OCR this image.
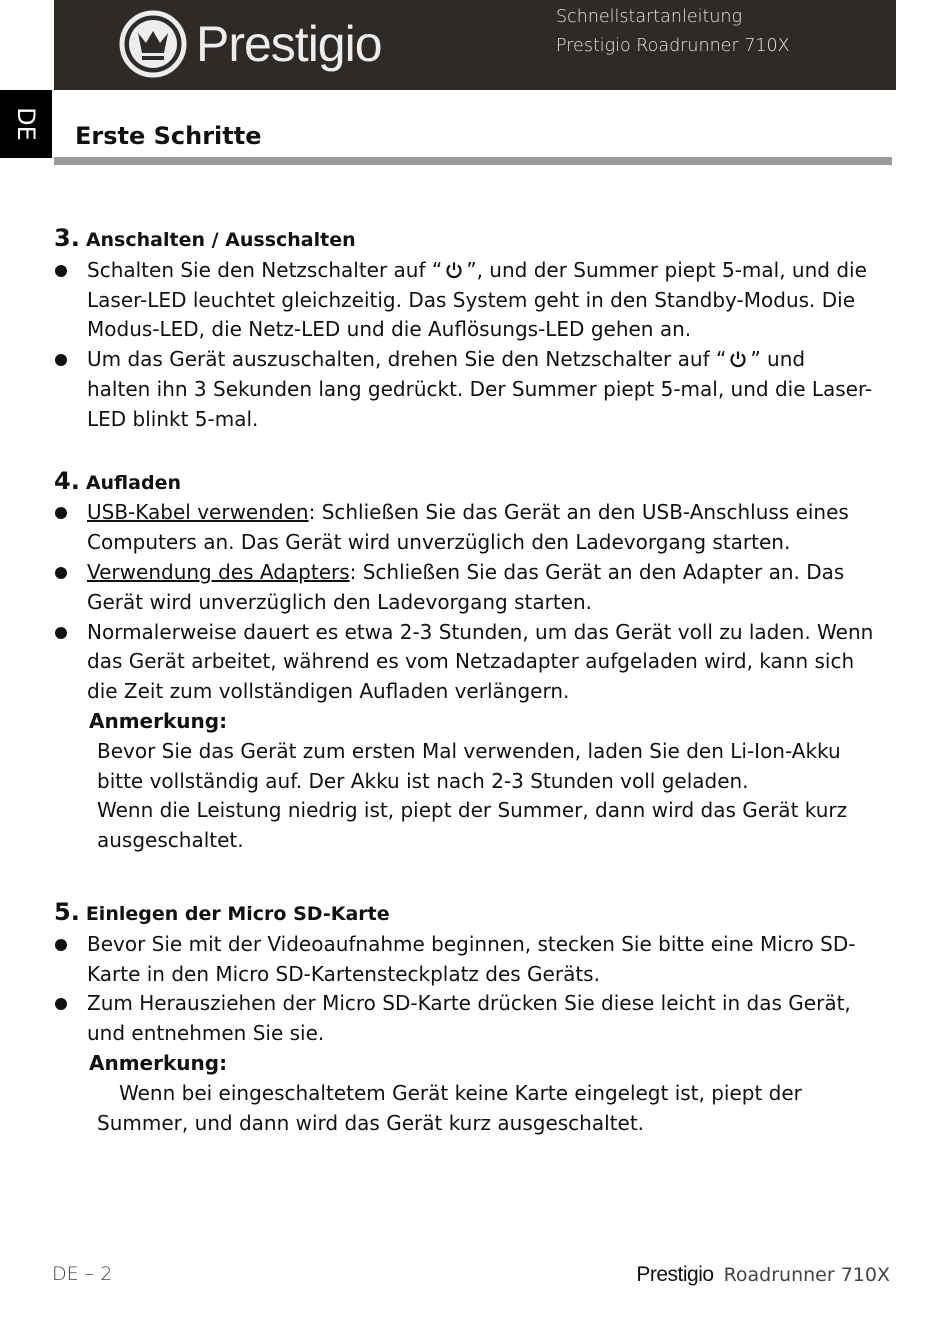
Prestigio	Schnellstartanleitung
Prestigio Roadrunner 710X
DE Erste Schritte
3. Anschalten / Ausschalten
Schalten Sie den Netzschalter auf “ ”, und der Summer piept 5-mal, und die Laser-LED leuchtet gleichzeitig. Das System geht in den Standby-Modus. Die Modus-LED, die Netz-LED und die Auflösungs-LED gehen an.
Um das Gerät auszuschalten, drehen Sie den Netzschalter auf “ ” und halten ihn 3 Sekunden lang gedrückt. Der Summer piept 5-mal, und die Laser-LED blinkt 5-mal.
4. Aufladen
USB-Kabel verwenden: Schließen Sie das Gerät an den USB-Anschluss eines Computers an. Das Gerät wird unverzüglich den Ladevorgang starten.
Verwendung des Adapters: Schließen Sie das Gerät an den Adapter an. Das Gerät wird unverzüglich den Ladevorgang starten.
Normalerweise dauert es etwa 2-3 Stunden, um das Gerät voll zu laden. Wenn das Gerät arbeitet, während es vom Netzadapter aufgeladen wird, kann sich die Zeit zum vollständigen Aufladen verlängern.
Anmerkung:
Bevor Sie das Gerät zum ersten Mal verwenden, laden Sie den Li-Ion-Akku bitte vollständig auf. Der Akku ist nach 2-3 Stunden voll geladen.
Wenn die Leistung niedrig ist, piept der Summer, dann wird das Gerät kurz ausgeschaltet.
5. Einlegen der Micro SD-Karte
Bevor Sie mit der Videoaufnahme beginnen, stecken Sie bitte eine Micro SD-Karte in den Micro SD-Kartensteckplatz des Geräts.
Zum Herausziehen der Micro SD-Karte drücken Sie diese leicht in das Gerät, und entnehmen Sie sie.
Anmerkung:
Wenn bei eingeschaltetem Gerät keine Karte eingelegt ist, piept der Summer, und dann wird das Gerät kurz ausgeschaltet.
DE – 2	Prestigio Roadrunner 710X
